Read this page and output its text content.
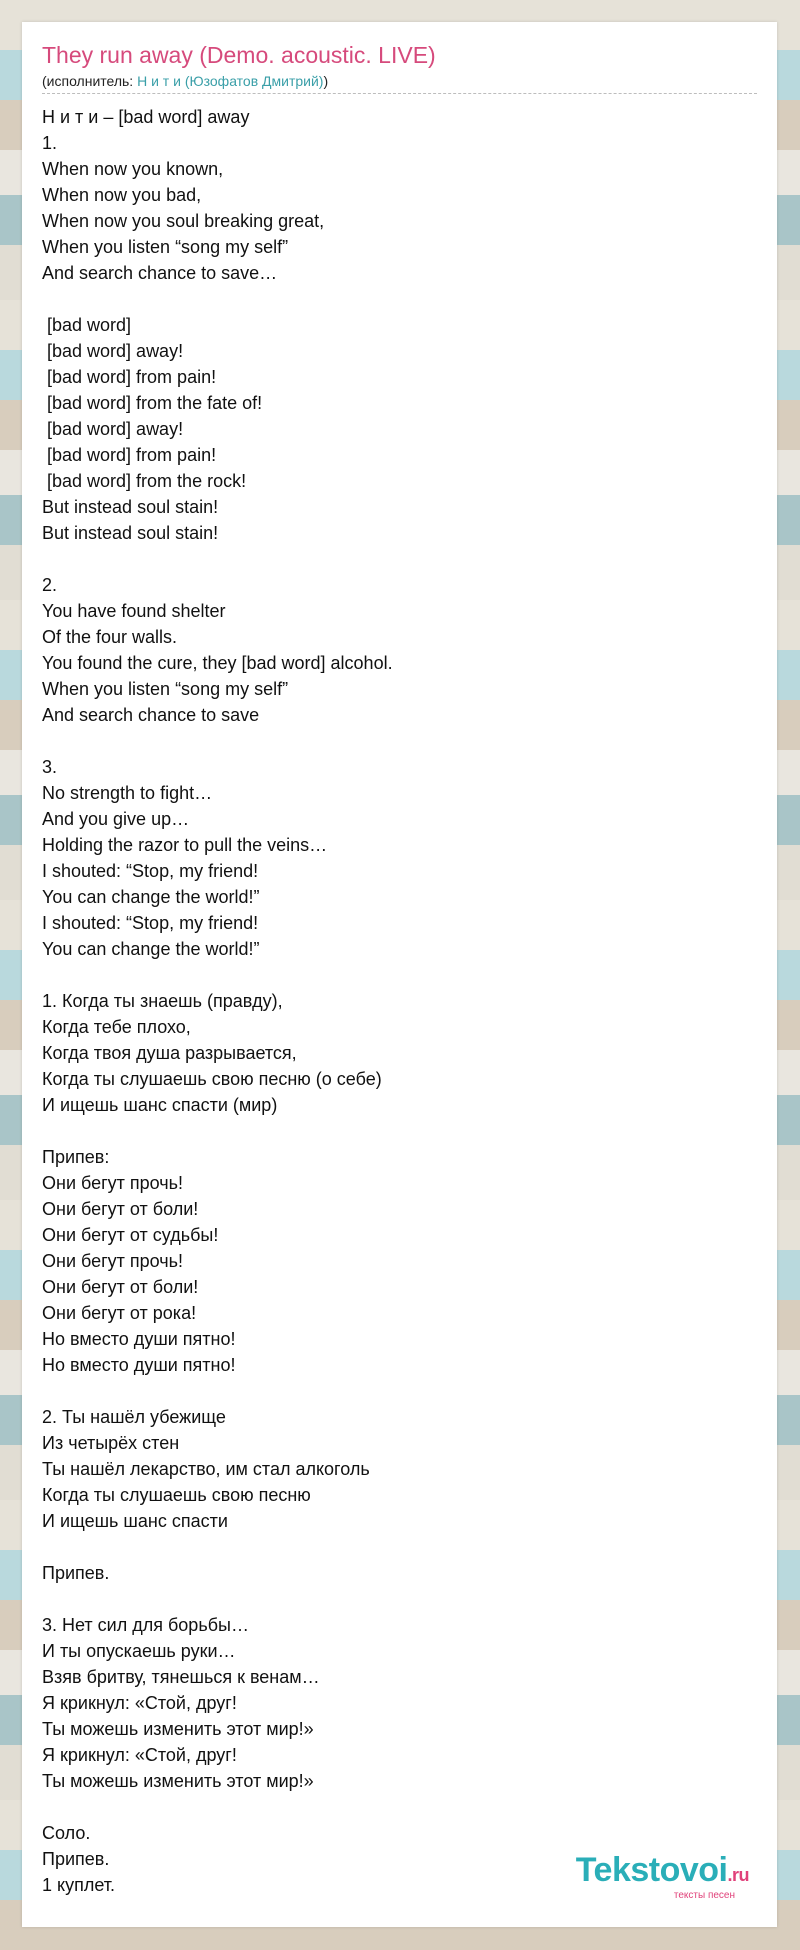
They run away (Demo. acoustic. LIVE)
(исполнитель: Н и т и (Юзофатов Дмитрий))
Н и т и – [bad word] away
1.
When now you known,
When now you bad,
When now you soul breaking great,
When you listen “song my self”
And search chance to save…
[bad word]
[bad word] away!
[bad word] from pain!
[bad word] from the fate of!
[bad word] away!
[bad word] from pain!
[bad word] from the rock!
But instead soul stain!
But instead soul stain!
2.
You have found shelter
Of the four walls.
You found the cure, they [bad word] alcohol.
When you listen “song my self”
And search chance to save
3.
No strength to fight…
And you give up…
Holding the razor to pull the veins…
I shouted: “Stop, my friend!
You can change the world!”
I shouted: “Stop, my friend!
You can change the world!”
1. Когда ты знаешь (правду),
Когда тебе плохо,
Когда твоя душа разрывается,
Когда ты слушаешь свою песню (о себе)
И ищешь шанс спасти (мир)
Припев:
Они бегут прочь!
Они бегут от боли!
Они бегут от судьбы!
Они бегут прочь!
Они бегут от боли!
Они бегут от рока!
Но вместо души пятно!
Но вместо души пятно!
2. Ты нашёл убежище
Из четырёх стен
Ты нашёл лекарство, им стал алкоголь
Когда ты слушаешь свою песню
И ищешь шанс спасти
Припев.
3. Нет сил для борьбы…
И ты опускаешь руки…
Взяв бритву, тянешься к венам…
Я крикнул: «Стой, друг!
Ты можешь изменить этот мир!»
Я крикнул: «Стой, друг!
Ты можешь изменить этот мир!»
Соло.
Припев.
1 куплет.	Tekstovoi.ru
тексты песен
